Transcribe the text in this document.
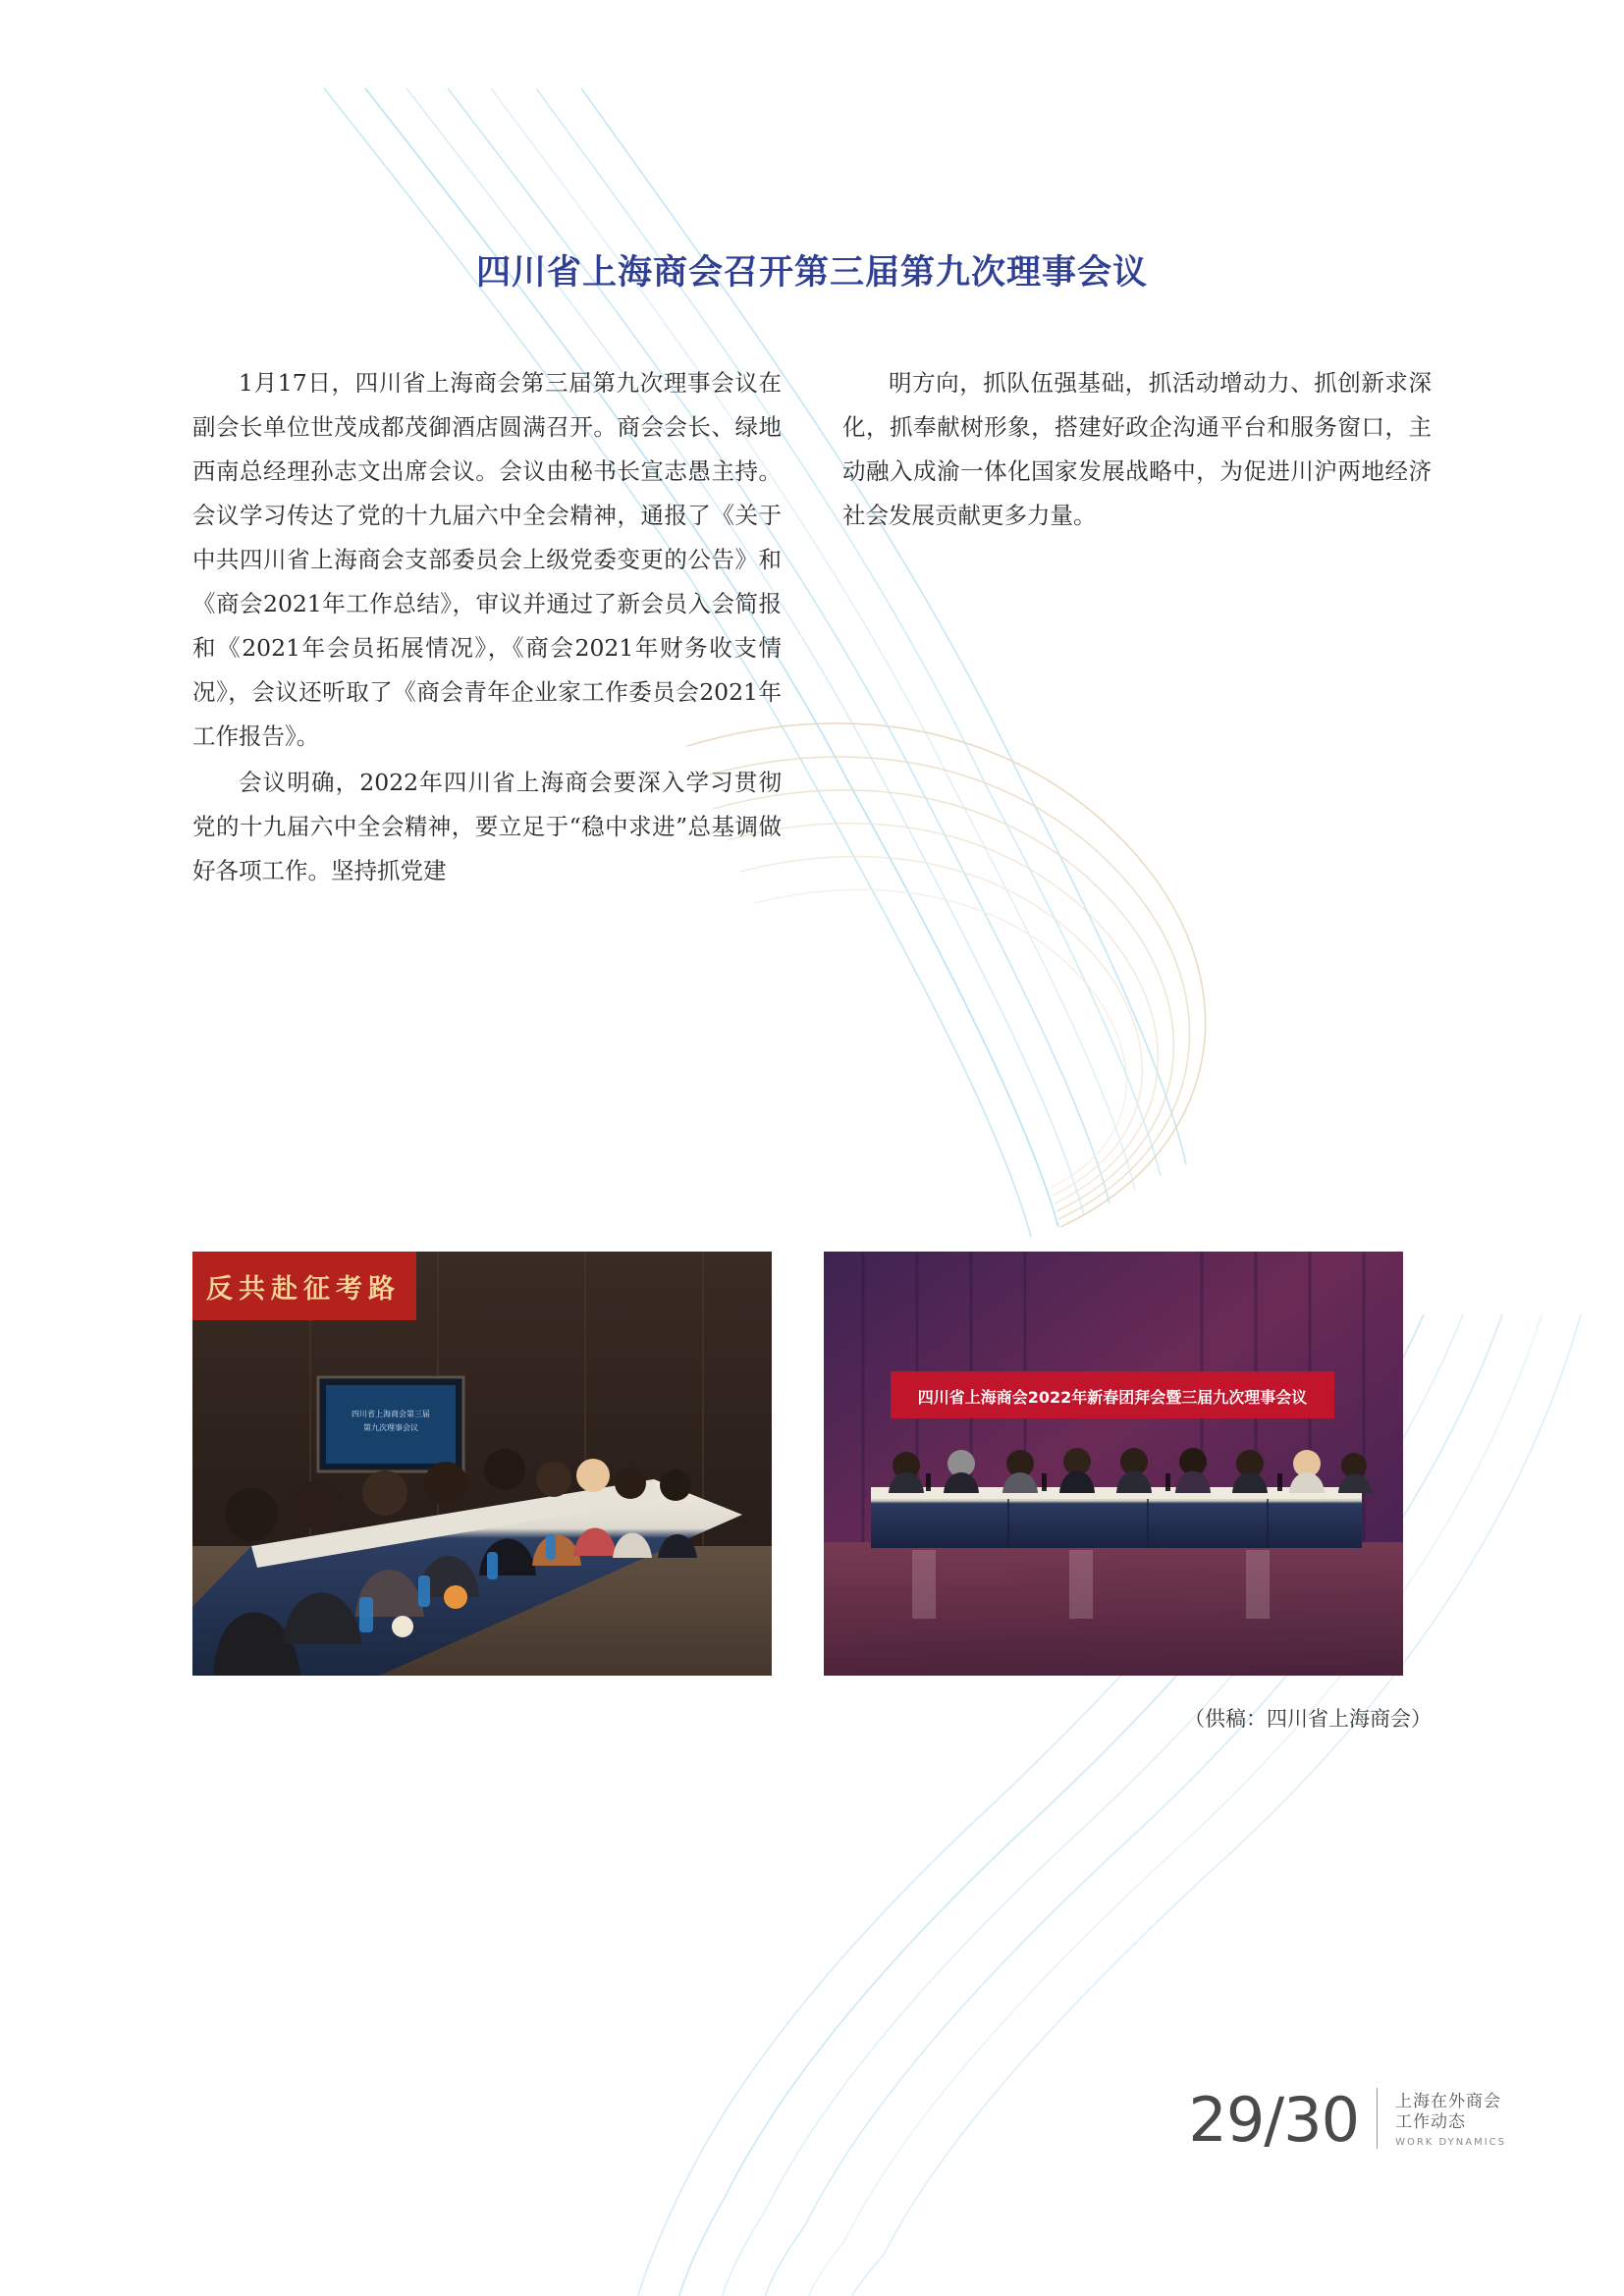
四川省上海商会召开第三届第九次理事会议

1月17日，四川省上海商会第三届第九次理事会议在副会长单位世茂成都茂御酒店圆满召开。商会会长、绿地西南总经理孙志文出席会议。会议由秘书长宣志愚主持。会议学习传达了党的十九届六中全会精神，通报了《关于中共四川省上海商会支部委员会上级党委变更的公告》和《商会2021年工作总结》，审议并通过了新会员入会简报和《2021年会员拓展情况》，《商会2021年财务收支情况》，会议还听取了《商会青年企业家工作委员会2021年工作报告》。

会议明确，2022年四川省上海商会要深入学习贯彻党的十九届六中全会精神，要立足于“稳中求进”总基调做好各项工作。坚持抓党建

明方向，抓队伍强基础，抓活动增动力、抓创新求深化，抓奉献树形象，搭建好政企沟通平台和服务窗口，主动融入成渝一体化国家发展战略中，为促进川沪两地经济社会发展贡献更多力量。

反共赴征考路
四川省上海商会第三届
第九次理事会议
四川省上海商会2022年新春团拜会暨三届九次理事会议
（供稿：四川省上海商会）
29/30 上海在外商会
工作动态
WORK DYNAMICS
